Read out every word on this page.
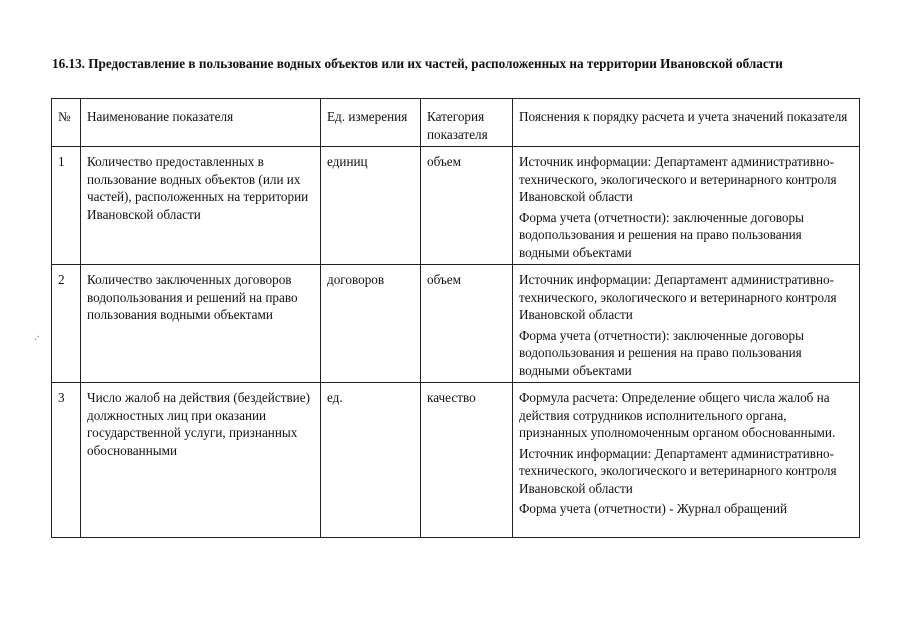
16.13. Предоставление в пользование водных объектов или их частей, расположенных на территории Ивановской области
.·
№	Наименование показателя	Ед. измерения	Категория показателя	Пояснения к порядку расчета и учета значений показателя
1	Количество предоставленных в пользование водных объектов (или их частей), расположенных на территории Ивановской области	единиц	объем	Источник информации: Департамент административно-технического, экологического и ветеринарного контроля Ивановской области
Форма учета (отчетности): заключенные договоры водопользования и решения на право пользования водными объектами

2	Количество заключенных договоров водопользования и решений на право пользования водными объектами	договоров	объем	Источник информации: Департамент административно-технического, экологического и ветеринарного контроля Ивановской области
Форма учета (отчетности): заключенные договоры водопользования и решения на право пользования водными объектами

3	Число жалоб на действия (бездействие) должностных лиц при оказании государственной услуги, признанных обоснованными	ед.	качество	Формула расчета: Определение общего числа жалоб на действия сотрудников исполнительного органа, признанных уполномоченным органом обоснованными.
Источник информации: Департамент административно-технического, экологического и ветеринарного контроля Ивановской области
Форма учета (отчетности) - Журнал обращений
